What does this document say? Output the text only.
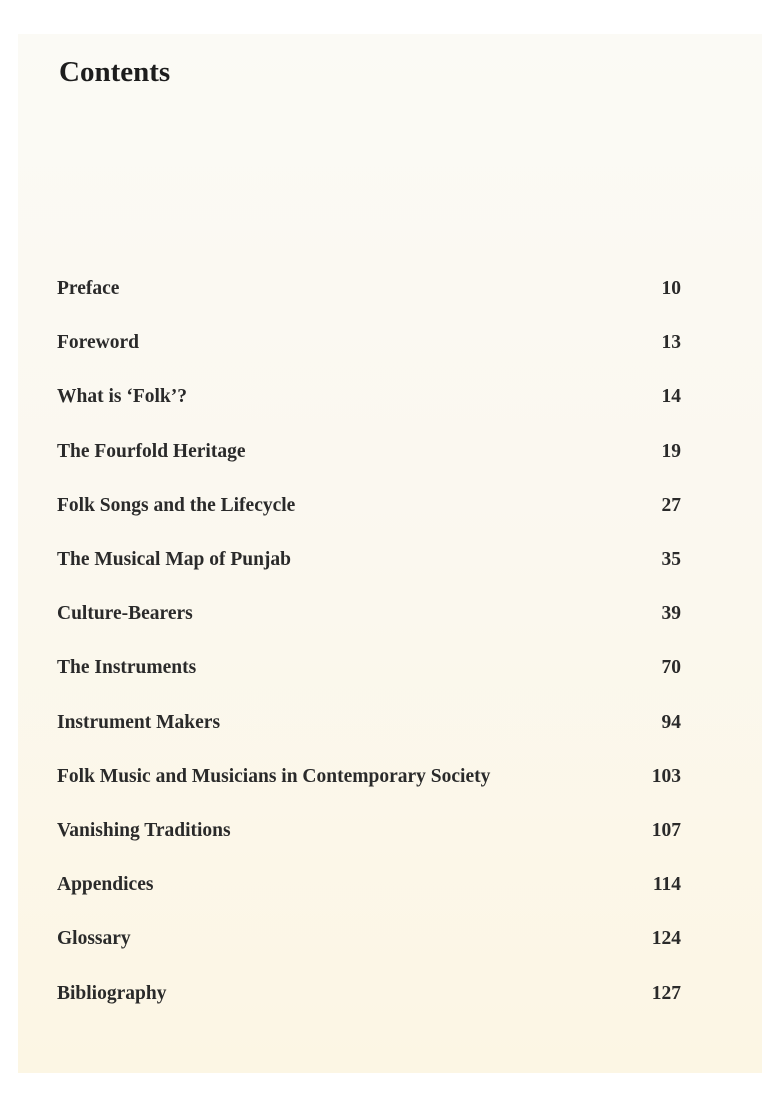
Contents
Preface	10
Foreword	13
What is ‘Folk’?	14
The Fourfold Heritage	19
Folk Songs and the Lifecycle	27
The Musical Map of Punjab	35
Culture-Bearers	39
The Instruments	70
Instrument Makers	94
Folk Music and Musicians in Contemporary Society	103
Vanishing Traditions	107
Appendices	114
Glossary	124
Bibliography	127
